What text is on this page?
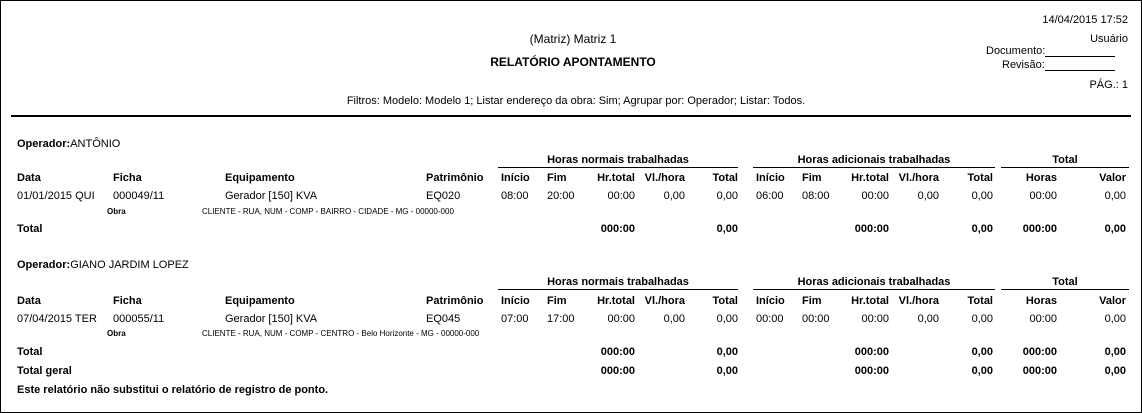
14/04/2015 17:52
Usuário
(Matriz) Matriz 1
RELATÓRIO APONTAMENTO
Documento:
Revisão:
PÁG.: 1
Filtros: Modelo: Modelo 1; Listar endereço da obra: Sim; Agrupar por: Operador; Listar: Todos.
Operador:ANTÔNIO
Horas normais trabalhadas	Horas adicionais trabalhadas	Total
Data	Ficha	Equipamento	Patrimônio Início Fim	Hr.total Vl./hora	Total Início Fim	Hr.total Vl./hora	Total	Horas	Valor
01/01/2015 QUI 000049/11	Gerador [150] KVA	EQ020	08:00 20:00	00:00	0,00	0,00 06:00 08:00	00:00	0,00	0,00	00:00	0,00
Obra	CLIENTE - RUA, NUM - COMP - BAIRRO - CIDADE - MG - 00000-000
Total	000:00	0,00	000:00	0,00	000:00	0,00
Operador:GIANO JARDIM LOPEZ
Horas normais trabalhadas	Horas adicionais trabalhadas	Total
Data	Ficha	Equipamento	Patrimônio Início Fim	Hr.total Vl./hora	Total Início Fim	Hr.total Vl./hora	Total	Horas	Valor
07/04/2015 TER 000055/11	Gerador [150] KVA	EQ045	07:00 17:00	00:00	0,00	0,00 00:00 00:00	00:00	0,00	0,00	00:00	0,00
Obra	CLIENTE - RUA, NUM - COMP - CENTRO - Belo Horizonte - MG - 00000-000
Total	000:00	0,00	000:00	0,00	000:00	0,00
Total geral	000:00	0,00	000:00	0,00	000:00	0,00
Este relatório não substitui o relatório de registro de ponto.
